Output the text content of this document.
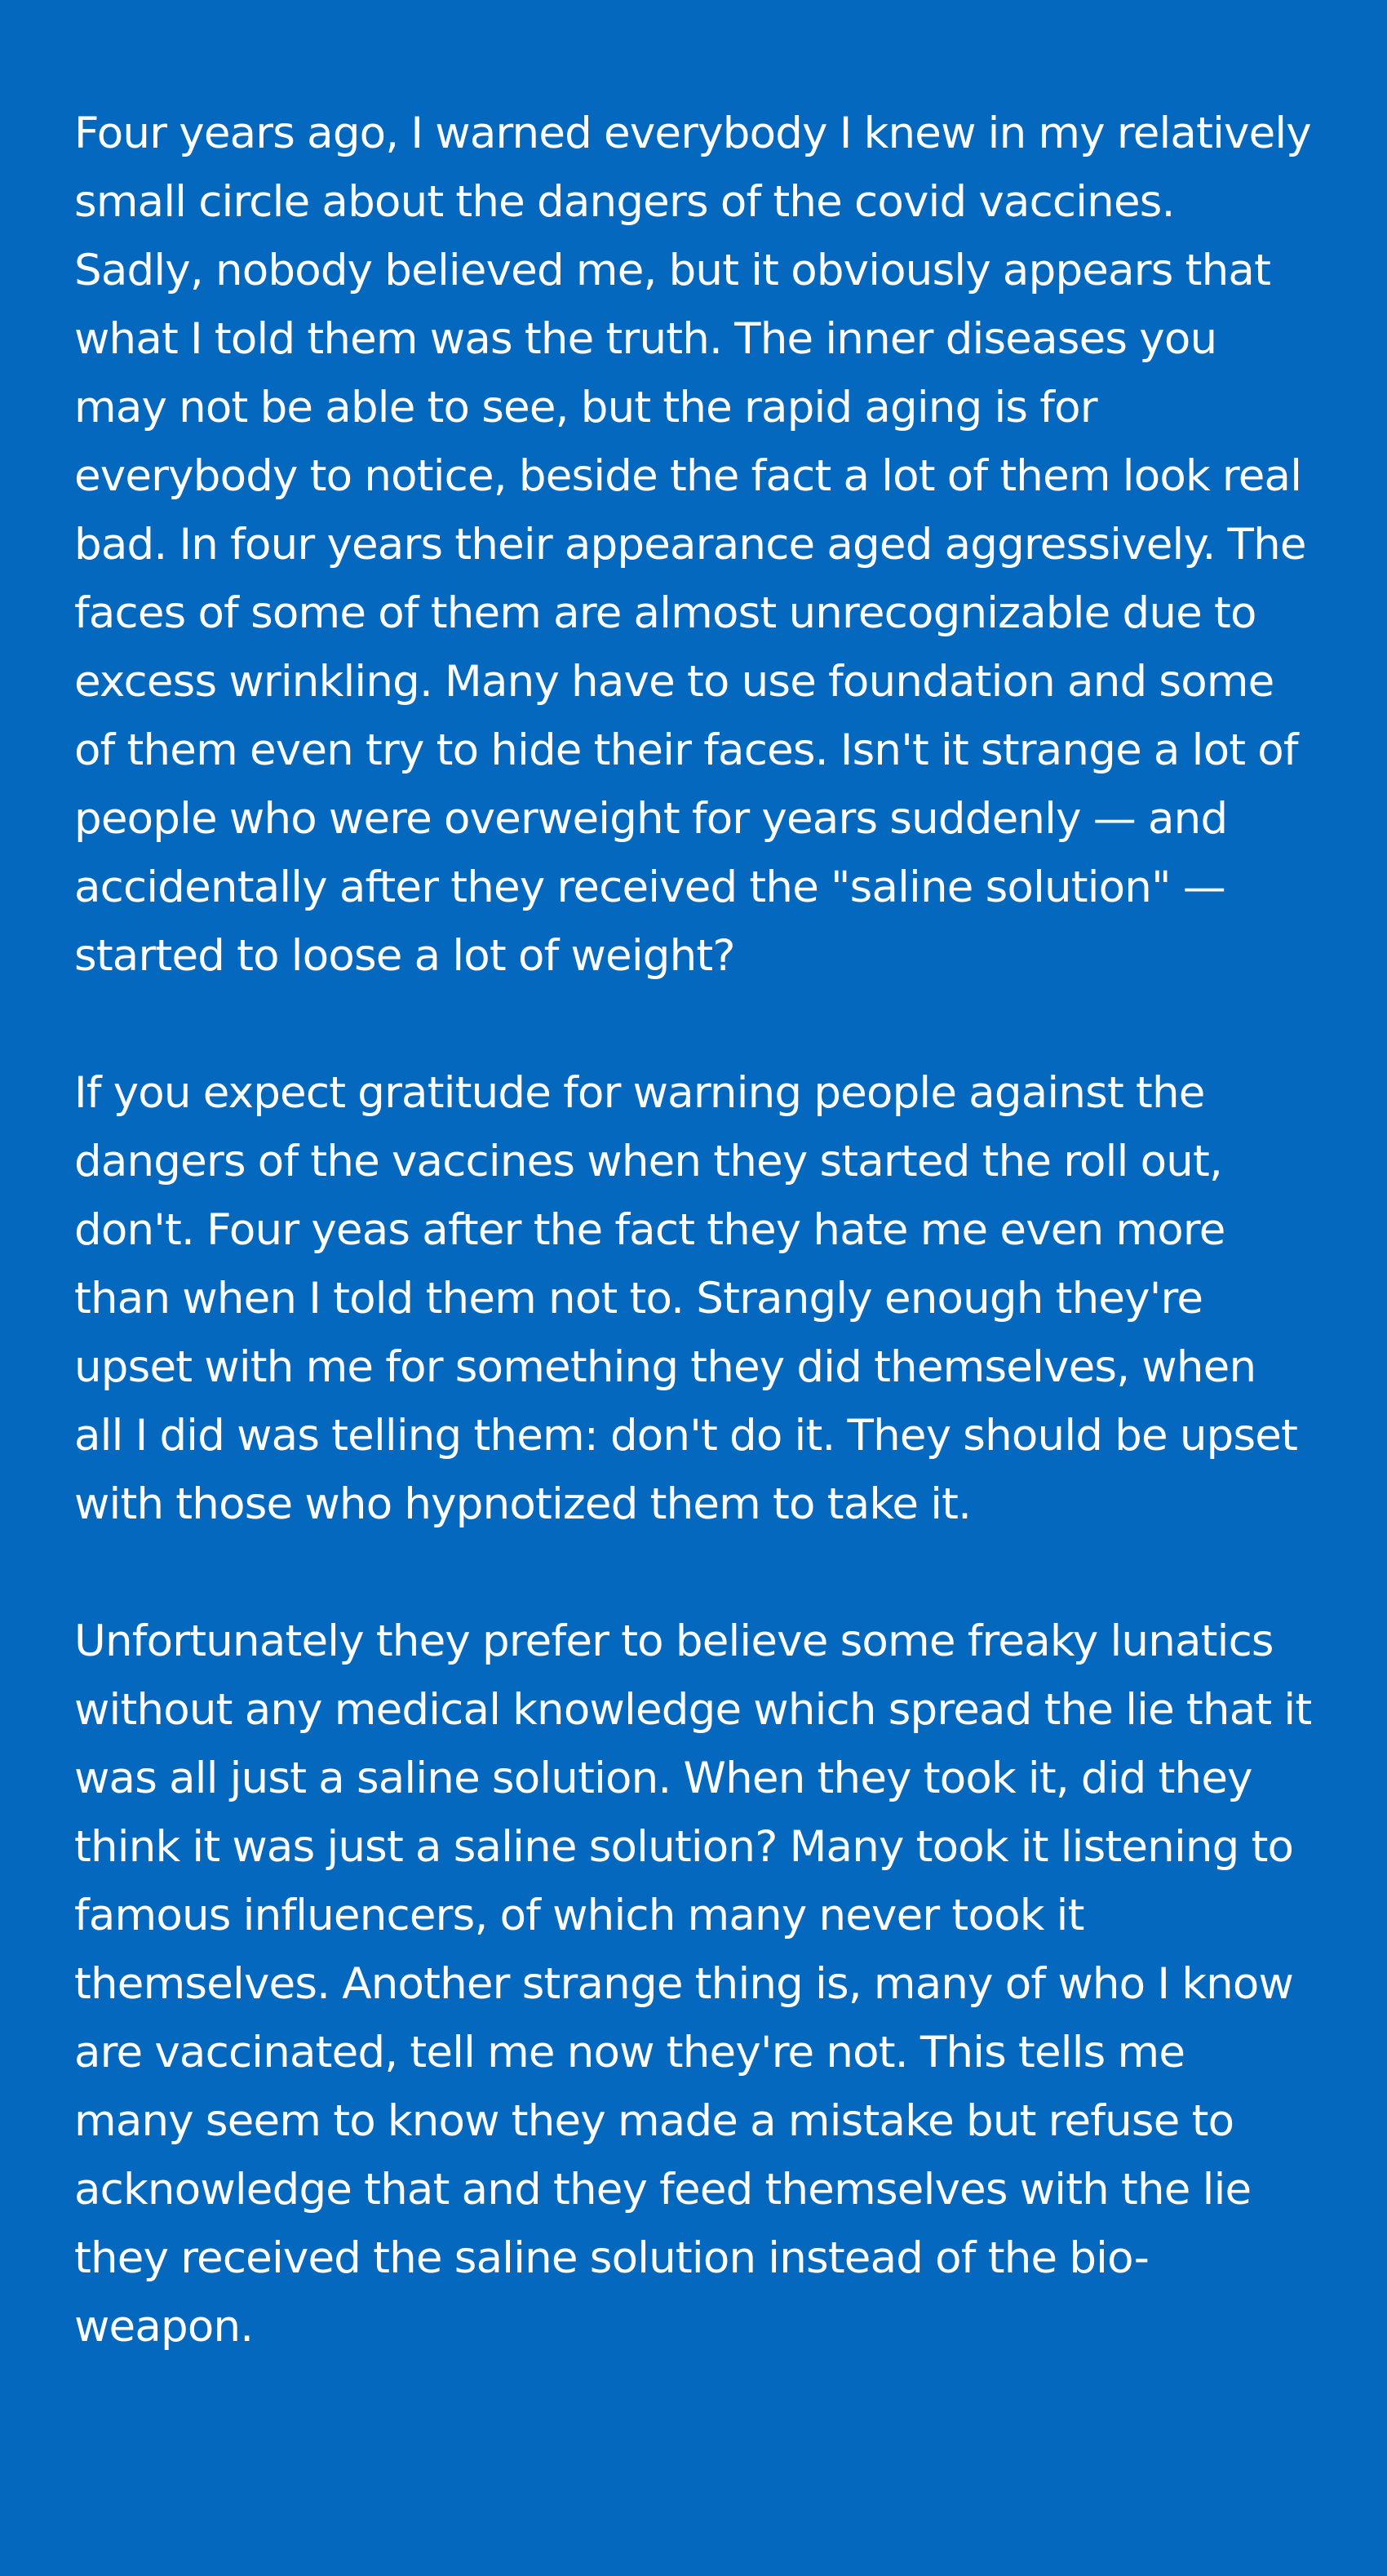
Four years ago, I warned everybody I knew in my relatively small circle about the dangers of the covid vaccines. Sadly, nobody believed me, but it obviously appears that what I told them was the truth. The inner diseases you may not be able to see, but the rapid aging is for everybody to notice, beside the fact a lot of them look real bad. In four years their appearance aged aggressively. The faces of some of them are almost unrecognizable due to excess wrinkling. Many have to use foundation and some of them even try to hide their faces. Isn't it strange a lot of people who were overweight for years suddenly — and accidentally after they received the "saline solution" — started to loose a lot of weight?

If you expect gratitude for warning people against the dangers of the vaccines when they started the roll out, don't. Four yeas after the fact they hate me even more than when I told them not to. Strangly enough they're upset with me for something they did themselves, when all I did was telling them: don't do it. They should be upset with those who hypnotized them to take it.

Unfortunately they prefer to believe some freaky lunatics without any medical knowledge which spread the lie that it was all just a saline solution. When they took it, did they think it was just a saline solution? Many took it listening to famous influencers, of which many never took it themselves. Another strange thing is, many of who I know are vaccinated, tell me now they're not. This tells me many seem to know they made a mistake but refuse to acknowledge that and they feed themselves with the lie they received the saline solution instead of the bio-weapon.
